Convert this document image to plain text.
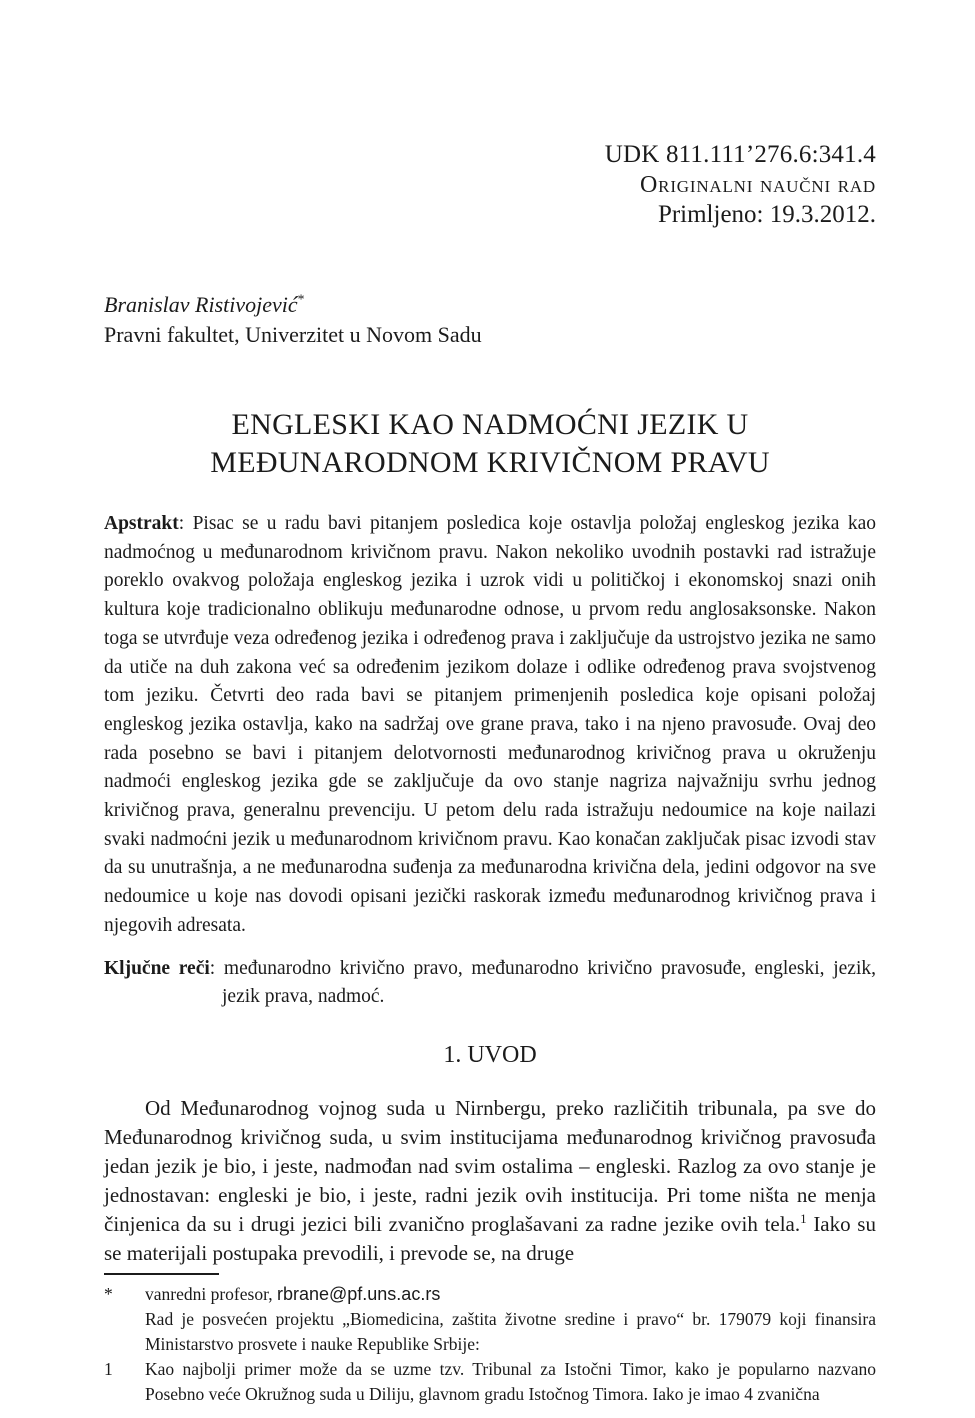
UDK 811.111’276.6:341.4
Originalni naučni rad
Primljeno: 19.3.2012.
Branislav Ristivojević*
Pravni fakultet, Univerzitet u Novom Sadu
ENGLESKI KAO NADMOĆNI JEZIK U
MEĐUNARODNOM KRIVIČNOM PRAVU
Apstrakt: Pisac se u radu bavi pitanjem posledica koje ostavlja položaj engleskog jezika kao nadmoćnog u međunarodnom krivičnom pravu. Nakon nekoliko uvodnih postavki rad istražuje poreklo ovakvog položaja engleskog jezika i uzrok vidi u političkoj i ekonomskoj snazi onih kultura koje tradicionalno oblikuju međunarodne odnose, u prvom redu anglosaksonske. Nakon toga se utvrđuje veza određenog jezika i određenog prava i zaključuje da ustrojstvo jezika ne samo da utiče na duh zakona već sa određenim jezikom dolaze i odlike određenog prava svojstvenog tom jeziku. Četvrti deo rada bavi se pitanjem primenjenih posledica koje opisani položaj engleskog jezika ostavlja, kako na sadržaj ove grane prava, tako i na njeno pravosuđe. Ovaj deo rada posebno se bavi i pitanjem delotvornosti međunarodnog krivičnog prava u okruženju nadmoći engleskog jezika gde se zaključuje da ovo stanje nagriza najvažniju svrhu jednog krivičnog prava, generalnu prevenciju. U petom delu rada istražuju nedoumice na koje nailazi svaki nadmoćni jezik u međunarodnom krivičnom pravu. Kao konačan zaključak pisac izvodi stav da su unutrašnja, a ne međunarodna suđenja za međunarodna krivična dela, jedini odgovor na sve nedoumice u koje nas dovodi opisani jezički raskorak između međunarodnog krivičnog prava i njegovih adresata.
Ključne reči: međunarodno krivično pravo, međunarodno krivično pravosuđe, engleski, jezik, jezik prava, nadmoć.
1. UVOD
Od Međunarodnog vojnog suda u Nirnbergu, preko različitih tribunala, pa sve do Međunarodnog krivičnog suda, u svim institucijama međunarodnog krivičnog pravosuđa jedan jezik je bio, i jeste, nadmođan nad svim ostalima – engleski. Razlog za ovo stanje je jednostavan: engleski je bio, i jeste, radni jezik ovih institucija. Pri tome ništa ne menja činjenica da su i drugi jezici bili zvanično proglašavani za radne jezike ovih tela.$^1$ Iako su se materijali postupaka prevodili, i prevode se, na druge
* vanredni profesor, rbrane@pf.uns.ac.rs
Rad je posvećen projektu „Biomedicina, zaštita životne sredine i pravo“ br. 179079 koji finansira Ministarstvo prosvete i nauke Republike Srbije:
1 Kao najbolji primer može da se uzme tzv. Tribunal za Istočni Timor, kako je popularno nazvano Posebno veće Okružnog suda u Diliju, glavnom gradu Istočnog Timora. Iako je imao 4 zvanična
